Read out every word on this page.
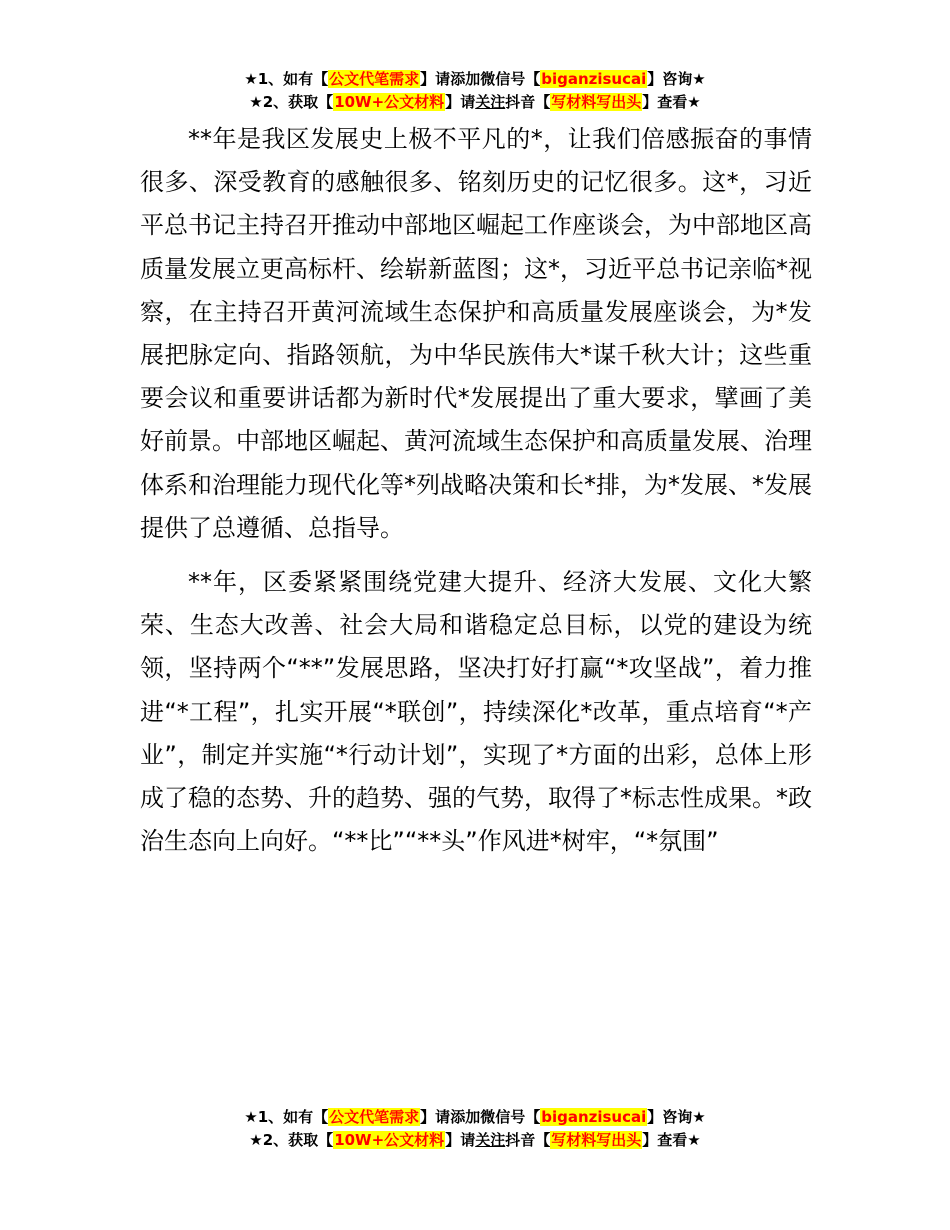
★1、如有【公文代笔需求】请添加微信号【biganzisucai】咨询★
★2、获取【10W+公文材料】请关注抖音【写材料写出头】查看★

**年是我区发展史上极不平凡的*，让我们倍感振奋的事情很多、深受教育的感触很多、铭刻历史的记忆很多。这*，习近平总书记主持召开推动中部地区崛起工作座谈会，为中部地区高质量发展立更高标杆、绘崭新蓝图；这*，习近平总书记亲临*视察，在主持召开黄河流域生态保护和高质量发展座谈会，为*发展把脉定向、指路领航，为中华民族伟大*谋千秋大计；这些重要会议和重要讲话都为新时代*发展提出了重大要求，擘画了美好前景。中部地区崛起、黄河流域生态保护和高质量发展、治理体系和治理能力现代化等*列战略决策和长*排，为*发展、*发展提供了总遵循、总指导。

**年，区委紧紧围绕党建大提升、经济大发展、文化大繁荣、生态大改善、社会大局和谐稳定总目标，以党的建设为统领，坚持两个“**”发展思路，坚决打好打赢“*攻坚战”，着力推进“*工程”，扎实开展“*联创”，持续深化*改革，重点培育“*产业”，制定并实施“*行动计划”，实现了*方面的出彩，总体上形成了稳的态势、升的趋势、强的气势，取得了*标志性成果。*政治生态向上向好。“**比”“**头”作风进*树牢，“*氛围”

★1、如有【公文代笔需求】请添加微信号【biganzisucai】咨询★
★2、获取【10W+公文材料】请关注抖音【写材料写出头】查看★
